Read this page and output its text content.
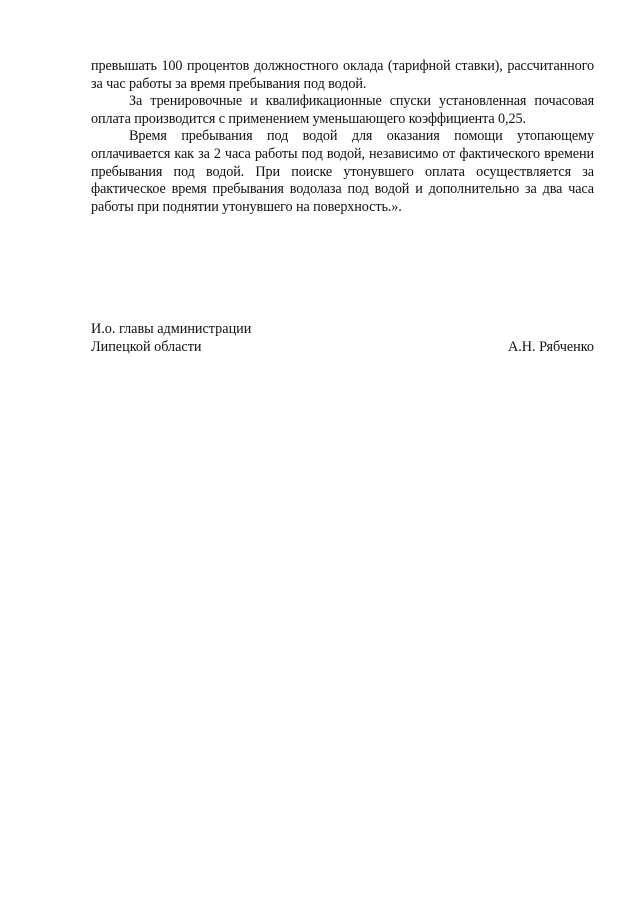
превышать 100 процентов должностного оклада (тарифной ставки), рассчитанного за час работы за время пребывания под водой.

За тренировочные и квалификационные спуски установленная почасовая оплата производится с применением уменьшающего коэффициента 0,25.

Время пребывания под водой для оказания помощи утопающему оплачивается как за 2 часа работы под водой, независимо от фактического времени пребывания под водой. При поиске утонувшего оплата осуществляется за фактическое время пребывания водолаза под водой и дополнительно за два часа работы при поднятии утонувшего на поверхность.».

И.о. главы администрации
Липецкой области	А.Н. Рябченко
